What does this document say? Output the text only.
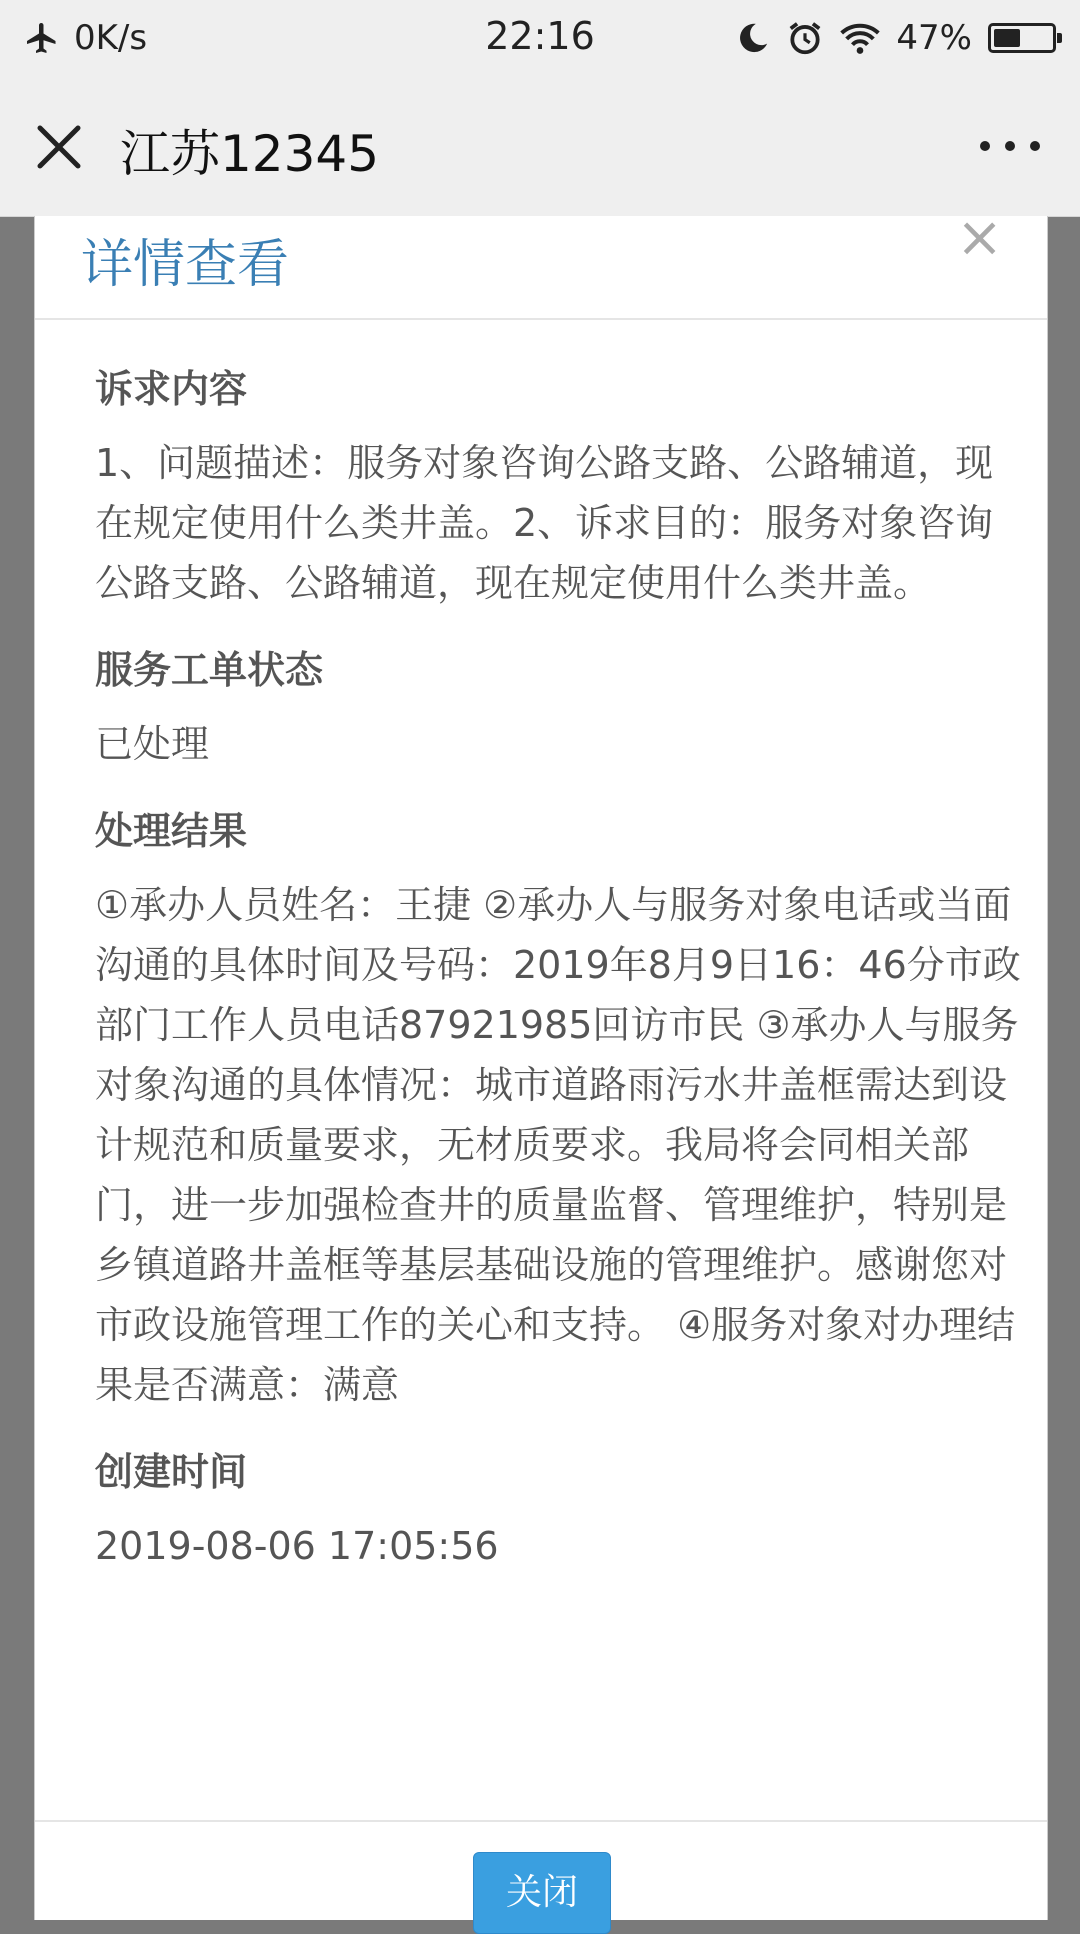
0K/s	22:16	47%
江苏12345
详情查看	×
诉求内容
1、问题描述：服务对象咨询公路支路、公路辅道，现在规定使用什么类井盖。2、诉求目的：服务对象咨询公路支路、公路辅道，现在规定使用什么类井盖。
服务工单状态
已处理
处理结果
①承办人员姓名：王捷 ②承办人与服务对象电话或当面沟通的具体时间及号码：2019年8月9日16：46分市政部门工作人员电话87921985回访市民 ③承办人与服务对象沟通的具体情况：城市道路雨污水井盖框需达到设计规范和质量要求，无材质要求。我局将会同相关部门，进一步加强检查井的质量监督、管理维护，特别是乡镇道路井盖框等基层基础设施的管理维护。感谢您对市政设施管理工作的关心和支持。 ④服务对象对办理结果是否满意：满意
创建时间
2019-08-06 17:05:56
关闭
